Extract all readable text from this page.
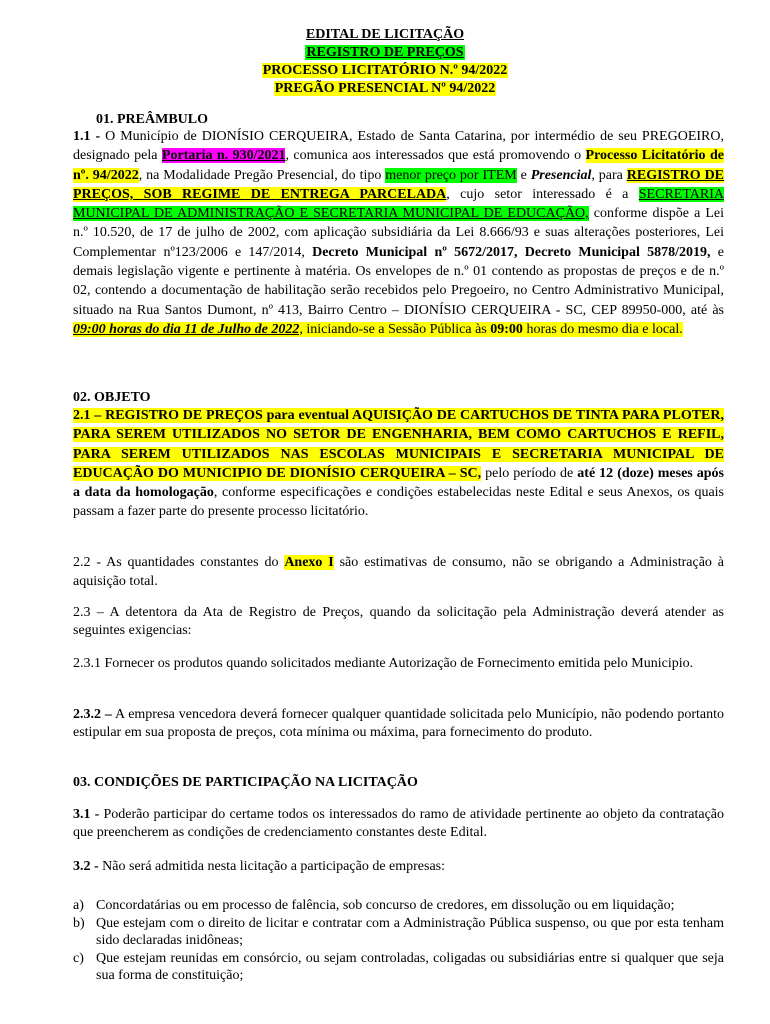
EDITAL DE LICITAÇÃO
REGISTRO DE PREÇOS
PROCESSO LICITATÓRIO N.º 94/2022
PREGÃO PRESENCIAL Nº 94/2022
01. PREÂMBULO
1.1 - O Município de DIONÍSIO CERQUEIRA, Estado de Santa Catarina, por intermédio de seu PREGOEIRO, designado pela Portaria n. 930/2021, comunica aos interessados que está promovendo o Processo Licitatório de nº. 94/2022, na Modalidade Pregão Presencial, do tipo menor preço por ITEM e Presencial, para REGISTRO DE PREÇOS, SOB REGIME DE ENTREGA PARCELADA, cujo setor interessado é a SECRETARIA MUNICIPAL DE ADMINISTRAÇÃO E SECRETARIA MUNICIPAL DE EDUCAÇÃO, conforme dispõe a Lei n.º 10.520, de 17 de julho de 2002, com aplicação subsidiária da Lei 8.666/93 e suas alterações posteriores, Lei Complementar nº123/2006 e 147/2014, Decreto Municipal nº 5672/2017, Decreto Municipal 5878/2019, e demais legislação vigente e pertinente à matéria. Os envelopes de n.º 01 contendo as propostas de preços e de n.º 02, contendo a documentação de habilitação serão recebidos pelo Pregoeiro, no Centro Administrativo Municipal, situado na Rua Santos Dumont, nº 413, Bairro Centro – DIONÍSIO CERQUEIRA - SC, CEP 89950-000, até às 09:00 horas do dia 11 de Julho de 2022, iniciando-se a Sessão Pública às 09:00 horas do mesmo dia e local.
02. OBJETO
2.1 – REGISTRO DE PREÇOS para eventual AQUISIÇÃO DE CARTUCHOS DE TINTA PARA PLOTER, PARA SEREM UTILIZADOS NO SETOR DE ENGENHARIA, BEM COMO CARTUCHOS E REFIL, PARA SEREM UTILIZADOS NAS ESCOLAS MUNICIPAIS E SECRETARIA MUNICIPAL DE EDUCAÇÃO DO MUNICIPIO DE DIONÍSIO CERQUEIRA – SC, pelo período de até 12 (doze) meses após a data da homologação, conforme especificações e condições estabelecidas neste Edital e seus Anexos, os quais passam a fazer parte do presente processo licitatório.
2.2 - As quantidades constantes do Anexo I são estimativas de consumo, não se obrigando a Administração à aquisição total.
2.3 – A detentora da Ata de Registro de Preços, quando da solicitação pela Administração deverá atender as seguintes exigencias:
2.3.1 Fornecer os produtos quando solicitados mediante Autorização de Fornecimento emitida pelo Municipio.
2.3.2 – A empresa vencedora deverá fornecer qualquer quantidade solicitada pelo Município, não podendo portanto estipular em sua proposta de preços, cota mínima ou máxima, para fornecimento do produto.
03. CONDIÇÕES DE PARTICIPAÇÃO NA LICITAÇÃO
3.1 - Poderão participar do certame todos os interessados do ramo de atividade pertinente ao objeto da contratação que preencherem as condições de credenciamento constantes deste Edital.
3.2 - Não será admitida nesta licitação a participação de empresas:
a) Concordatárias ou em processo de falência, sob concurso de credores, em dissolução ou em liquidação;
b) Que estejam com o direito de licitar e contratar com a Administração Pública suspenso, ou que por esta tenham sido declaradas inidôneas;
c) Que estejam reunidas em consórcio, ou sejam controladas, coligadas ou subsidiárias entre si qualquer que seja sua forma de constituição;
